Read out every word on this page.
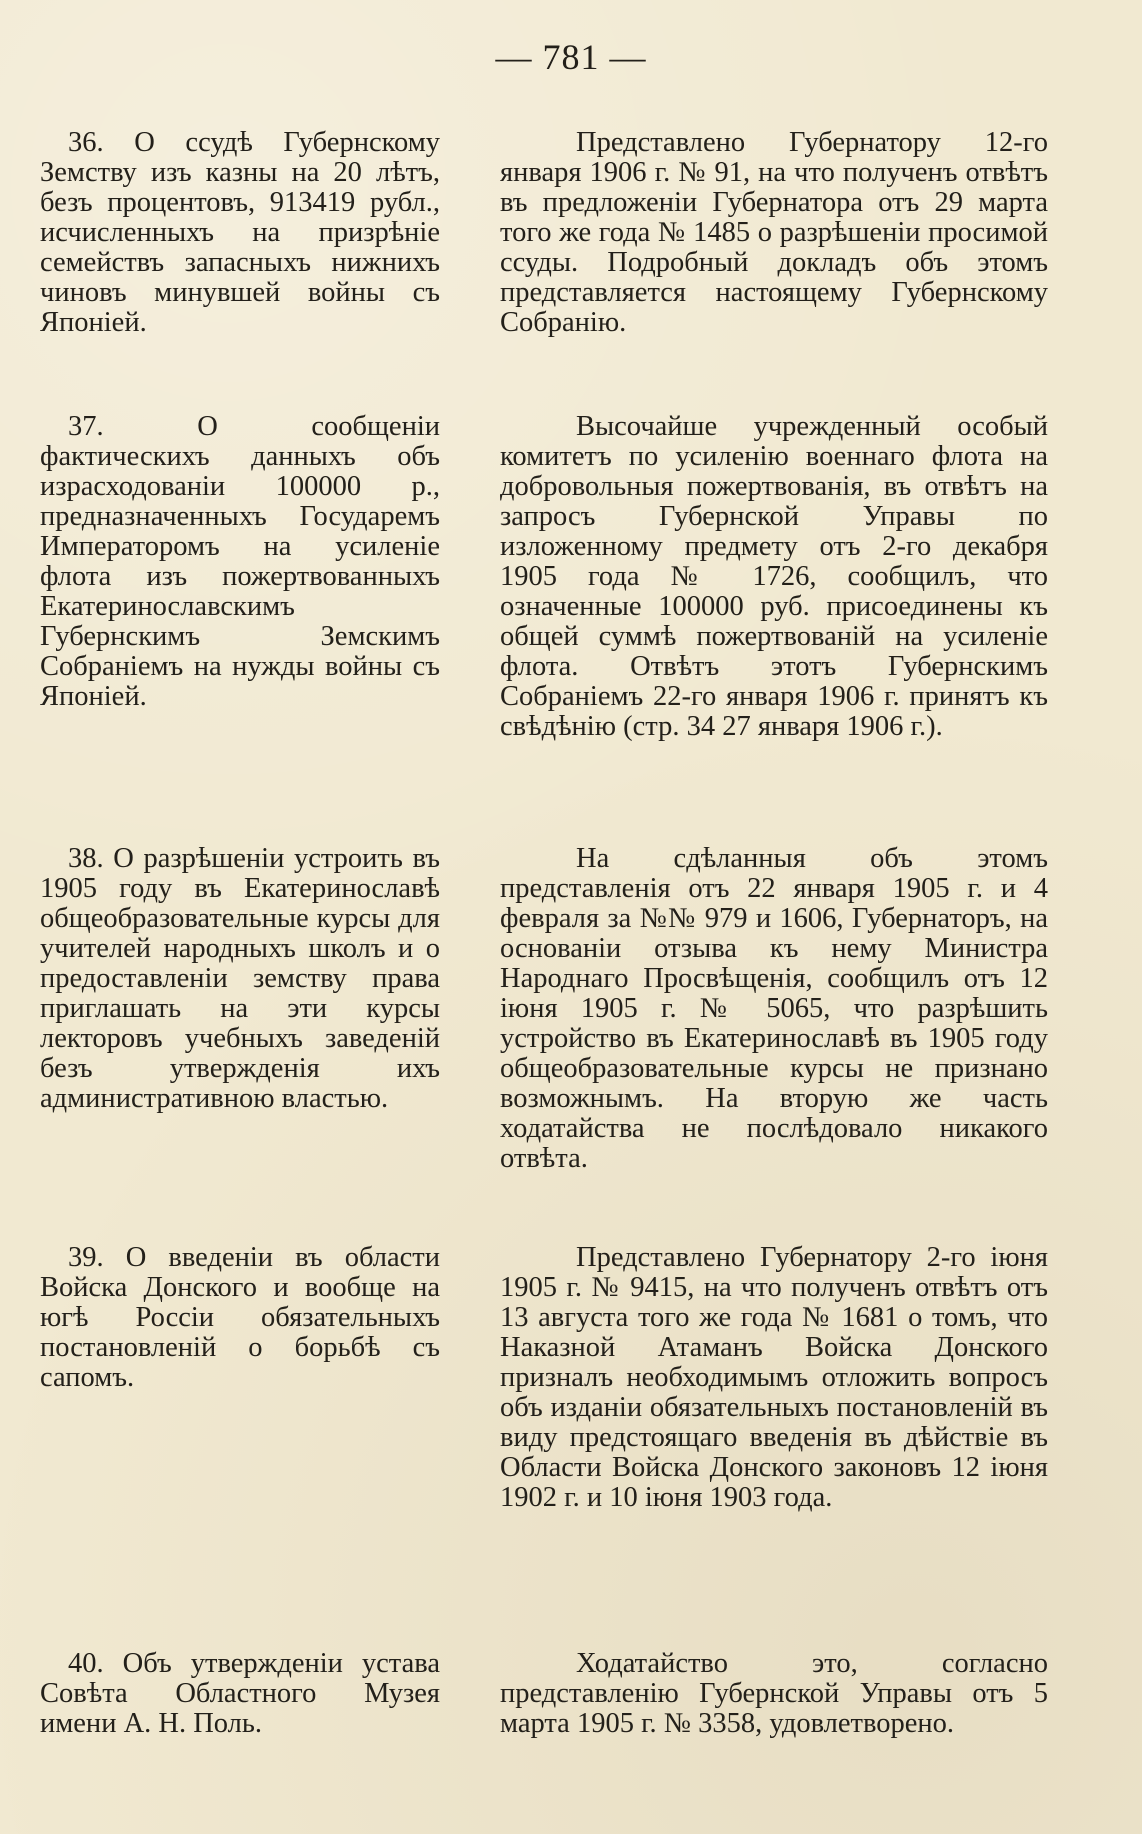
— 781 —
36. О ссудѣ Губернскому Земству изъ казны на 20 лѣтъ, безъ процентовъ, 913419 рубл., исчисленныхъ на призрѣніе семействъ запасныхъ нижнихъ чиновъ минувшей войны съ Японіей.
Представлено Губернатору 12-го января 1906 г. № 91, на что полученъ отвѣтъ въ предложеніи Губернатора отъ 29 марта того же года № 1485 о разрѣшеніи просимой ссуды. Подробный докладъ объ этомъ представляется настоящему Губернскому Собранію.
37. О сообщеніи фактическихъ данныхъ объ израсходованіи 100000 р., предназначенныхъ Государемъ Императоромъ на усиленіе флота изъ пожертвованныхъ Екатеринославскимъ Губернскимъ Земскимъ Собраніемъ на нужды войны съ Японіей.
Высочайше учрежденный особый комитетъ по усиленію военнаго флота на добровольныя пожертвованія, въ отвѣтъ на запросъ Губернской Управы по изложенному предмету отъ 2-го декабря 1905 года № 1726, сообщилъ, что означенные 100000 руб. присоединены къ общей суммѣ пожертвованій на усиленіе флота. Отвѣтъ этотъ Губернскимъ Собраніемъ 22-го января 1906 г. принятъ къ свѣдѣнію (стр. 34 27 января 1906 г.).
38. О разрѣшеніи устроить въ 1905 году въ Екатеринославѣ общеобразовательные курсы для учителей народныхъ школъ и о предоставленіи земству права приглашать на эти курсы лекторовъ учебныхъ заведеній безъ утвержденія ихъ административною властью.
На сдѣланныя объ этомъ представленія отъ 22 января 1905 г. и 4 февраля за №№ 979 и 1606, Губернаторъ, на основаніи отзыва къ нему Министра Народнаго Просвѣщенія, сообщилъ отъ 12 іюня 1905 г. № 5065, что разрѣшить устройство въ Екатеринославѣ въ 1905 году общеобразовательные курсы не признано возможнымъ. На вторую же часть ходатайства не послѣдовало никакого отвѣта.
39. О введеніи въ области Войска Донского и вообще на югѣ Россіи обязательныхъ постановленій о борьбѣ съ сапомъ.
Представлено Губернатору 2-го іюня 1905 г. № 9415, на что полученъ отвѣтъ отъ 13 августа того же года № 1681 о томъ, что Наказной Атаманъ Войска Донского призналъ необходимымъ отложить вопросъ объ изданіи обязательныхъ постановленій въ виду предстоящаго введенія въ дѣйствіе въ Области Войска Донского законовъ 12 іюня 1902 г. и 10 іюня 1903 года.
40. Объ утвержденіи устава Совѣта Областного Музея имени А. Н. Поль.
Ходатайство это, согласно представленію Губернской Управы отъ 5 марта 1905 г. № 3358, удовлетворено.
